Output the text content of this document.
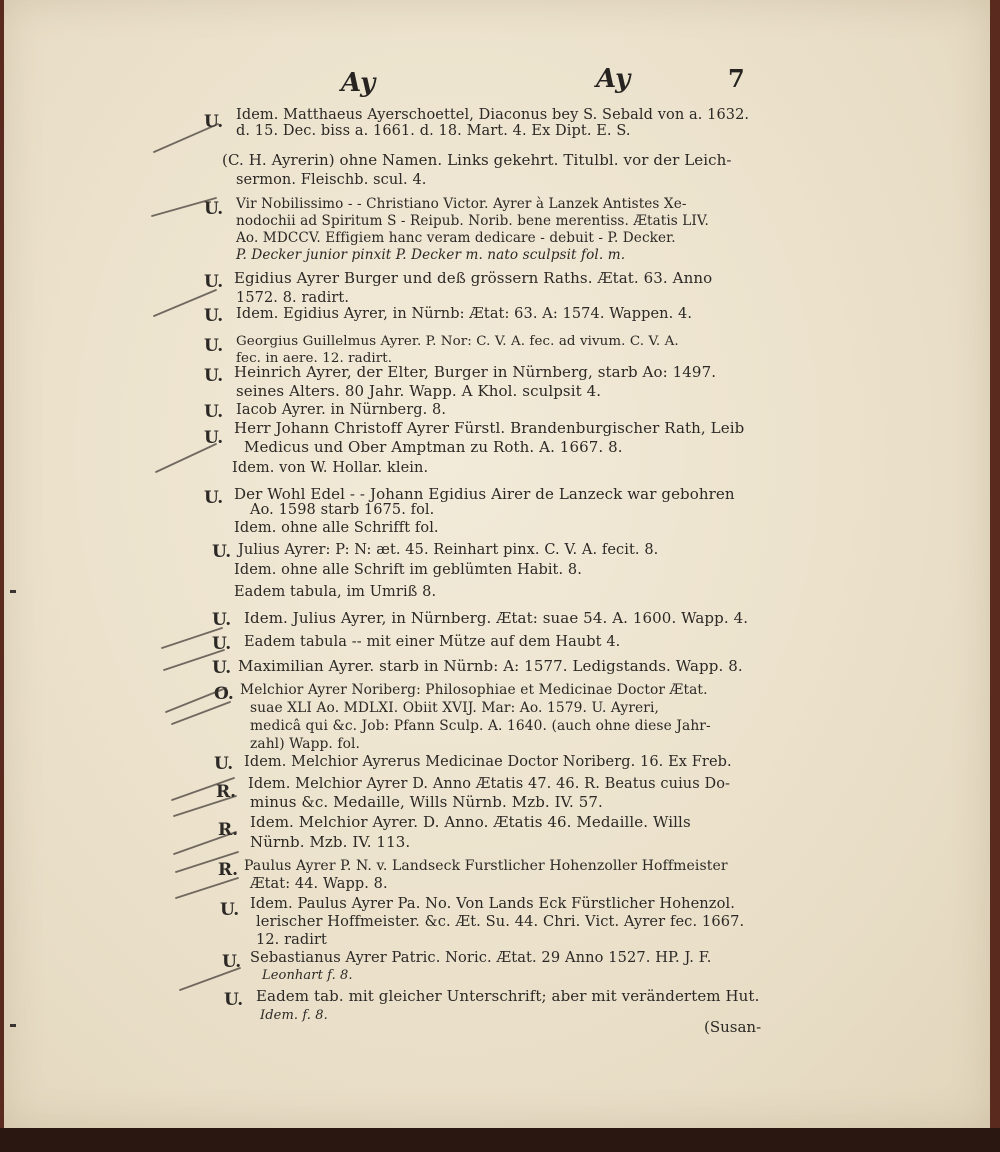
Ay	Ay	7
U. Idem. Matthaeus Ayerschoettel, Diaconus bey S. Sebald von a. 1632.
d. 15. Dec. biss a. 1661. d. 18. Mart. 4. Ex Dipt. E. S.
(C. H. Ayrerin) ohne Namen. Links gekehrt. Titulbl. vor der Leich-
sermon. Fleischb. scul. 4.
U. Vir Nobilissimo - - Christiano Victor. Ayrer à Lanzek Antistes Xe-
nodochii ad Spiritum S - Reipub. Norib. bene merentiss. Ætatis LIV.
Ao. MDCCV. Effigiem hanc veram dedicare - debuit - P. Decker.
P. Decker junior pinxit P. Decker m. nato sculpsit fol. m.
U. Egidius Ayrer Burger und deß grössern Raths. Ætat. 63. Anno
1572. 8. radirt.
U. Idem. Egidius Ayrer, in Nürnb: Ætat: 63. A: 1574. Wappen. 4.
U. Georgius Guillelmus Ayrer. P. Nor: C. V. A. fec. ad vivum. C. V. A.
fec. in aere. 12. radirt.
U. Heinrich Ayrer, der Elter, Burger in Nürnberg, starb Ao: 1497.
seines Alters. 80 Jahr. Wapp. A Khol. sculpsit 4.
U. Iacob Ayrer. in Nürnberg. 8.
U. Herr Johann Christoff Ayrer Fürstl. Brandenburgischer Rath, Leib
Medicus und Ober Amptman zu Roth. A. 1667. 8.
Idem. von W. Hollar. klein.
U. Der Wohl Edel - - Johann Egidius Airer de Lanzeck war gebohren
Ao. 1598 starb 1675. fol.
Idem. ohne alle Schrifft fol.
U. Julius Ayrer: P: N: æt. 45. Reinhart pinx. C. V. A. fecit. 8.
Idem. ohne alle Schrift im geblümten Habit. 8.
Eadem tabula, im Umriß 8.
U. Idem. Julius Ayrer, in Nürnberg. Ætat: suae 54. A. 1600. Wapp. 4.
U. Eadem tabula -- mit einer Mütze auf dem Haubt 4.
U. Maximilian Ayrer. starb in Nürnb: A: 1577. Ledigstands. Wapp. 8.
O. Melchior Ayrer Noriberg: Philosophiae et Medicinae Doctor Ætat.
suae XLI Ao. MDLXI. Obiit XVIJ. Mar: Ao. 1579. U. Ayreri,
medicâ qui &c. Job: Pfann Sculp. A. 1640. (auch ohne diese Jahr-
zahl) Wapp. fol.
U. Idem. Melchior Ayrerus Medicinae Doctor Noriberg. 16. Ex Freb.
R. Idem. Melchior Ayrer D. Anno Ætatis 47. 46. R. Beatus cuius Do-
minus &c. Medaille, Wills Nürnb. Mzb. IV. 57.
R. Idem. Melchior Ayrer. D. Anno. Ætatis 46. Medaille. Wills
Nürnb. Mzb. IV. 113.
R. Paulus Ayrer P. N. v. Landseck Furstlicher Hohenzoller Hoffmeister
Ætat: 44. Wapp. 8.
U. Idem. Paulus Ayrer Pa. No. Von Lands Eck Fürstlicher Hohenzol.
lerischer Hoffmeister. &c. Æt. Su. 44. Chri. Vict. Ayrer fec. 1667.
12. radirt
U. Sebastianus Ayrer Patric. Noric. Ætat. 29 Anno 1527. HP. J. F.
Leonhart f. 8.
U. Eadem tab. mit gleicher Unterschrift; aber mit verändertem Hut.
Idem. f. 8.
(Susan-
